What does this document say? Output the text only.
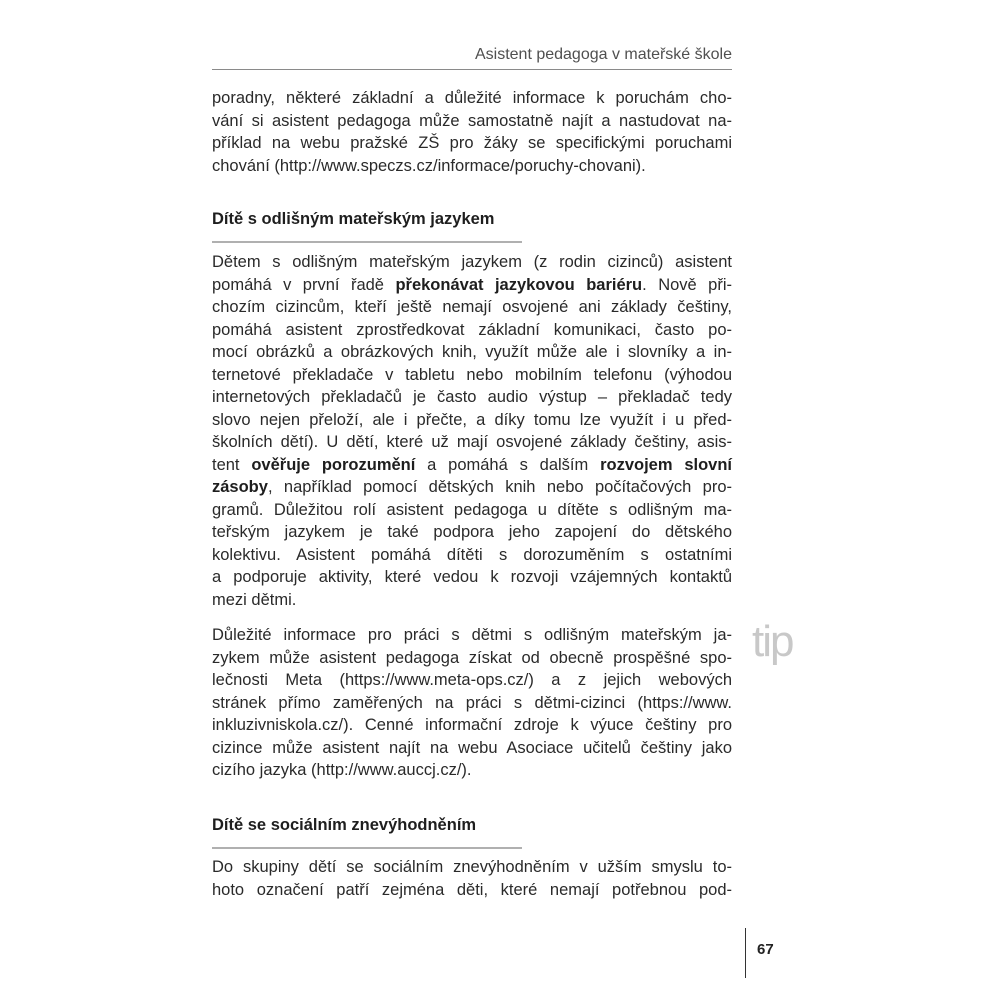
Asistent pedagoga v mateřské škole
poradny, některé základní a důležité informace k poruchám cho-
vání si asistent pedagoga může samostatně najít a nastudovat na-
příklad na webu pražské ZŠ pro žáky se specifickými poruchami
chování (http://www.speczs.cz/informace/poruchy-chovani).
Dítě s odlišným mateřským jazykem
Dětem s odlišným mateřským jazykem (z rodin cizinců) asistent
pomáhá v první řadě překonávat jazykovou bariéru. Nově při-
chozím cizincům, kteří ještě nemají osvojené ani základy češtiny,
pomáhá asistent zprostředkovat základní komunikaci, často po-
mocí obrázků a obrázkových knih, využít může ale i slovníky a in-
ternetové překladače v tabletu nebo mobilním telefonu (výhodou
internetových překladačů je často audio výstup – překladač tedy
slovo nejen přeloží, ale i přečte, a díky tomu lze využít i u před-
školních dětí). U dětí, které už mají osvojené základy češtiny, asis-
tent ověřuje porozumění a pomáhá s dalším rozvojem slovní
zásoby, například pomocí dětských knih nebo počítačových pro-
gramů. Důležitou rolí asistent pedagoga u dítěte s odlišným ma-
teřským jazykem je také podpora jeho zapojení do dětského
kolektivu. Asistent pomáhá dítěti s dorozuměním s ostatními
a podporuje aktivity, které vedou k rozvoji vzájemných kontaktů
mezi dětmi.
Důležité informace pro práci s dětmi s odlišným mateřským ja-
zykem může asistent pedagoga získat od obecně prospěšné spo-
lečnosti Meta (https://www.meta-ops.cz/) a z jejich webových
stránek přímo zaměřených na práci s dětmi-cizinci (https://www.
inkluzivniskola.cz/). Cenné informační zdroje k výuce češtiny pro
cizince může asistent najít na webu Asociace učitelů češtiny jako
cizího jazyka (http://www.auccj.cz/).
tip
Dítě se sociálním znevýhodněním
Do skupiny dětí se sociálním znevýhodněním v užším smyslu to-
hoto označení patří zejména děti, které nemají potřebnou pod-
67
